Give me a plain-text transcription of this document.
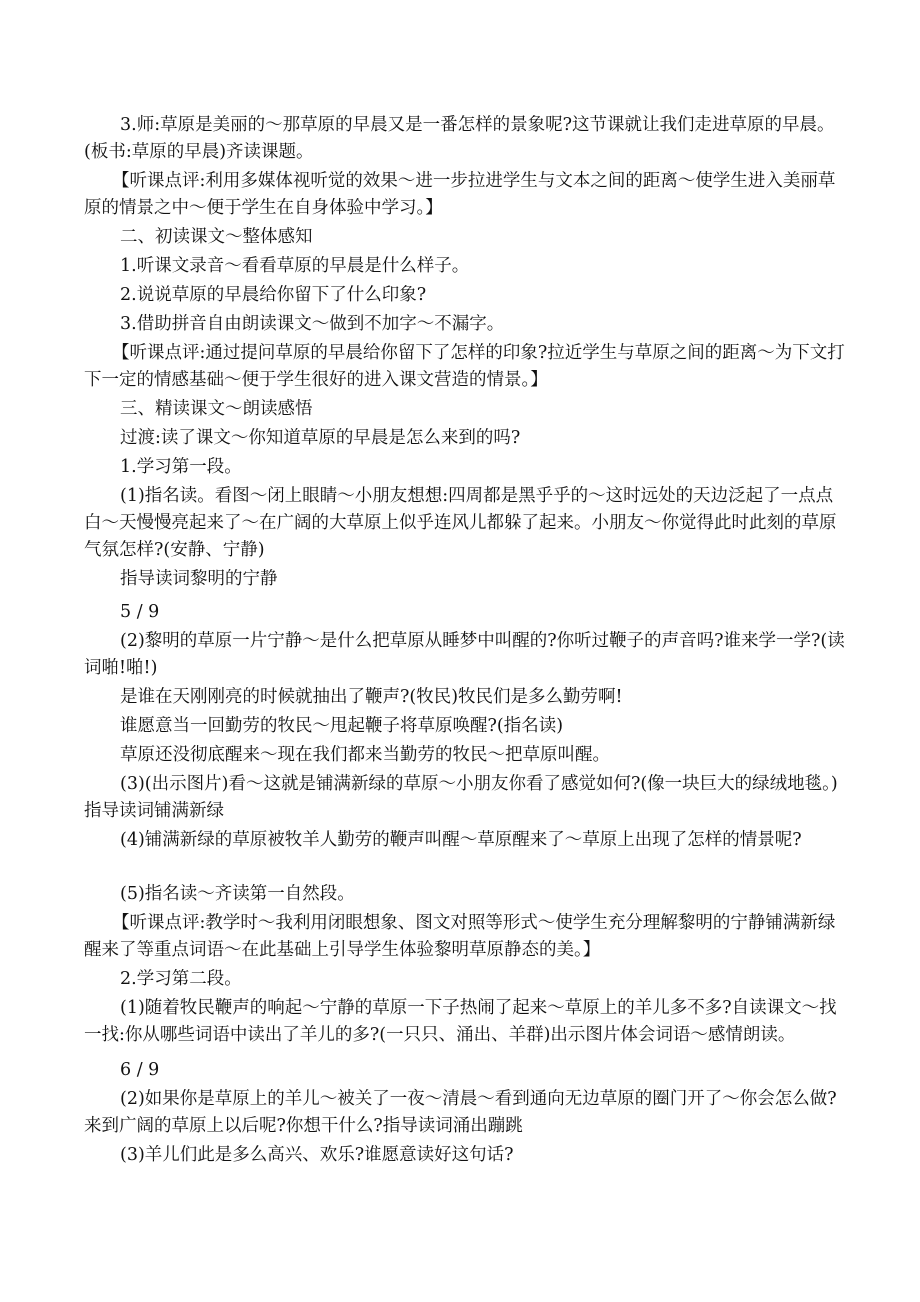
3.师:草原是美丽的～那草原的早晨又是一番怎样的景象呢?这节课就让我们走进草原的早晨。(板书:草原的早晨)齐读课题。

【听课点评:利用多媒体视听觉的效果～进一步拉进学生与文本之间的距离～使学生进入美丽草原的情景之中～便于学生在自身体验中学习。】

二、初读课文～整体感知

1.听课文录音～看看草原的早晨是什么样子。

2.说说草原的早晨给你留下了什么印象?

3.借助拼音自由朗读课文～做到不加字～不漏字。

【听课点评:通过提问草原的早晨给你留下了怎样的印象?拉近学生与草原之间的距离～为下文打下一定的情感基础～便于学生很好的进入课文营造的情景。】

三、精读课文～朗读感悟

过渡:读了课文～你知道草原的早晨是怎么来到的吗?

1.学习第一段。

(1)指名读。看图～闭上眼睛～小朋友想想:四周都是黑乎乎的～这时远处的天边泛起了一点点白～天慢慢亮起来了～在广阔的大草原上似乎连风儿都躲了起来。小朋友～你觉得此时此刻的草原气氛怎样?(安静、宁静)

指导读词黎明的宁静

5 / 9

(2)黎明的草原一片宁静～是什么把草原从睡梦中叫醒的?你听过鞭子的声音吗?谁来学一学?(读词啪!啪!)

是谁在天刚刚亮的时候就抽出了鞭声?(牧民)牧民们是多么勤劳啊!

谁愿意当一回勤劳的牧民～甩起鞭子将草原唤醒?(指名读)

草原还没彻底醒来～现在我们都来当勤劳的牧民～把草原叫醒。

(3)(出示图片)看～这就是铺满新绿的草原～小朋友你看了感觉如何?(像一块巨大的绿绒地毯。)指导读词铺满新绿

(4)铺满新绿的草原被牧羊人勤劳的鞭声叫醒～草原醒来了～草原上出现了怎样的情景呢?

(5)指名读～齐读第一自然段。

【听课点评:教学时～我利用闭眼想象、图文对照等形式～使学生充分理解黎明的宁静铺满新绿醒来了等重点词语～在此基础上引导学生体验黎明草原静态的美。】

2.学习第二段。

(1)随着牧民鞭声的响起～宁静的草原一下子热闹了起来～草原上的羊儿多不多?自读课文～找一找:你从哪些词语中读出了羊儿的多?(一只只、涌出、羊群)出示图片体会词语～感情朗读。

6 / 9

(2)如果你是草原上的羊儿～被关了一夜～清晨～看到通向无边草原的圈门开了～你会怎么做?来到广阔的草原上以后呢?你想干什么?指导读词涌出蹦跳

(3)羊儿们此是多么高兴、欢乐?谁愿意读好这句话?
